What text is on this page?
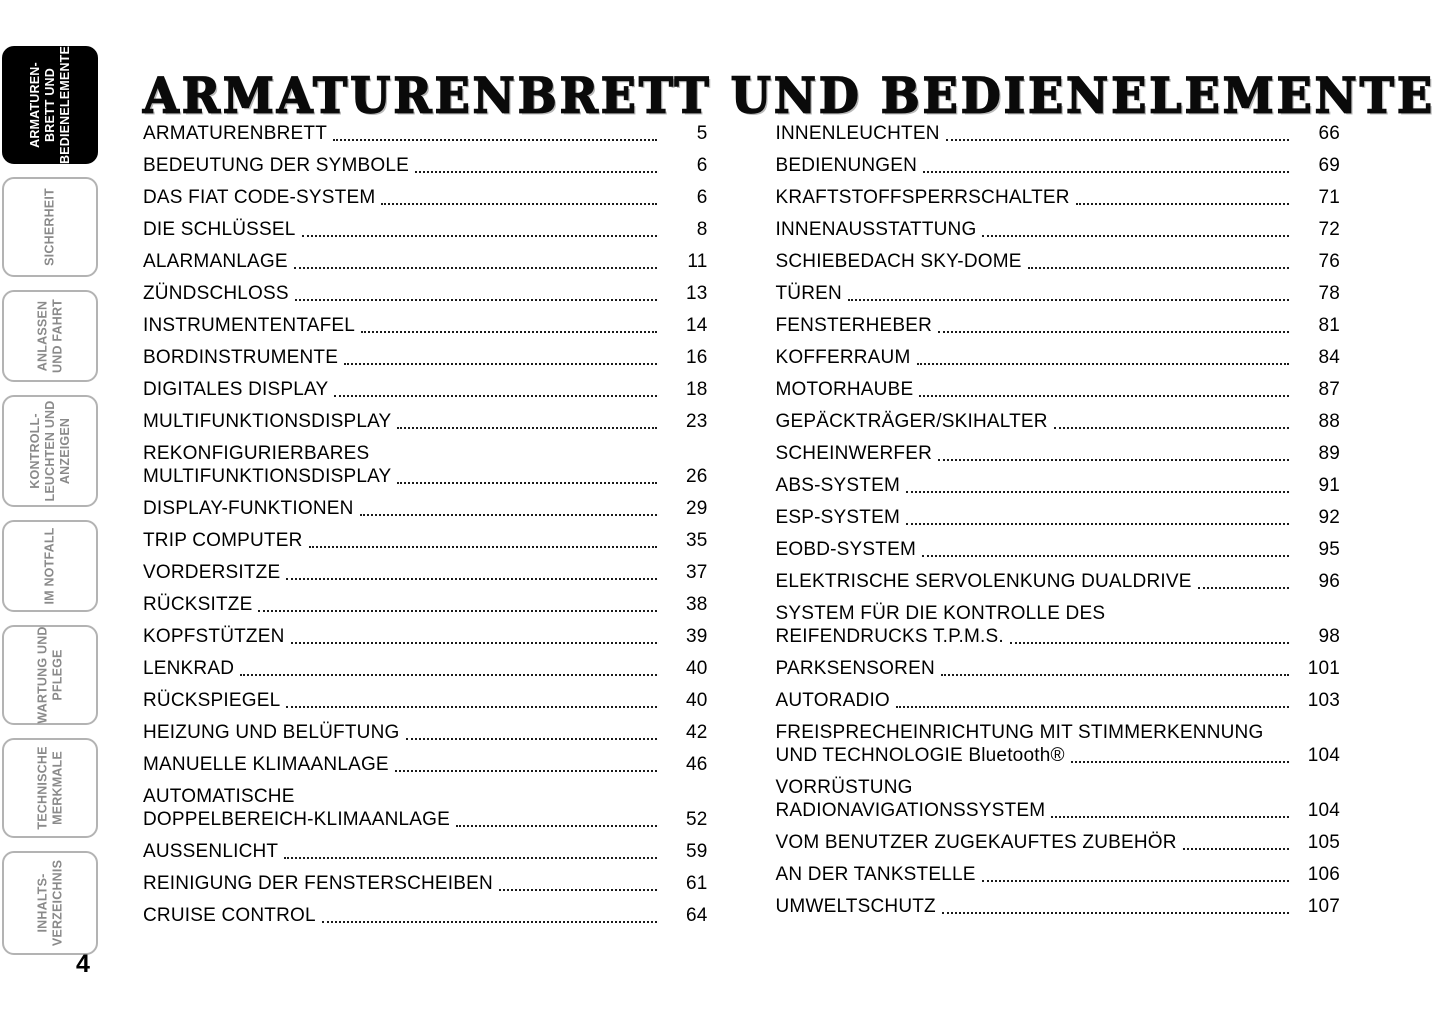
ARMATUREN-
BRETT UND
BEDIENELEMENTE
SICHERHEIT
ANLASSEN
UND FAHRT
KONTROLL-
LEUCHTEN UND
ANZEIGEN
IM NOTFALL
WARTUNG UND
PFLEGE
TECHNISCHE
MERKMALE
INHALTS-
VERZEICHNIS
ARMATURENBRETT UND BEDIENELEMENTE
ARMATURENBRETT	5
BEDEUTUNG DER SYMBOLE	6
DAS FIAT CODE-SYSTEM	6
DIE SCHLÜSSEL	8
ALARMANLAGE	11
ZÜNDSCHLOSS	13
INSTRUMENTENTAFEL	14
BORDINSTRUMENTE	16
DIGITALES DISPLAY	18
MULTIFUNKTIONSDISPLAY	23
REKONFIGURIERBARES
MULTIFUNKTIONSDISPLAY	26
DISPLAY-FUNKTIONEN	29
TRIP COMPUTER	35
VORDERSITZE	37
RÜCKSITZE	38
KOPFSTÜTZEN	39
LENKRAD	40
RÜCKSPIEGEL	40
HEIZUNG UND BELÜFTUNG	42
MANUELLE KLIMAANLAGE	46
AUTOMATISCHE
DOPPELBEREICH-KLIMAANLAGE	52
AUSSENLICHT	59
REINIGUNG DER FENSTERSCHEIBEN	61
CRUISE CONTROL	64
INNENLEUCHTEN	66
BEDIENUNGEN	69
KRAFTSTOFFSPERRSCHALTER	71
INNENAUSSTATTUNG	72
SCHIEBEDACH SKY-DOME	76
TÜREN	78
FENSTERHEBER	81
KOFFERRAUM	84
MOTORHAUBE	87
GEPÄCKTRÄGER/SKIHALTER	88
SCHEINWERFER	89
ABS-SYSTEM	91
ESP-SYSTEM	92
EOBD-SYSTEM	95
ELEKTRISCHE SERVOLENKUNG DUALDRIVE	96
SYSTEM FÜR DIE KONTROLLE DES
REIFENDRUCKS T.P.M.S.	98
PARKSENSOREN	101
AUTORADIO	103
FREISPRECHEINRICHTUNG MIT STIMMERKENNUNG
UND TECHNOLOGIE Bluetooth®	104
VORRÜSTUNG
RADIONAVIGATIONSSYSTEM	104
VOM BENUTZER ZUGEKAUFTES ZUBEHÖR	105
AN DER TANKSTELLE	106
UMWELTSCHUTZ	107
4
